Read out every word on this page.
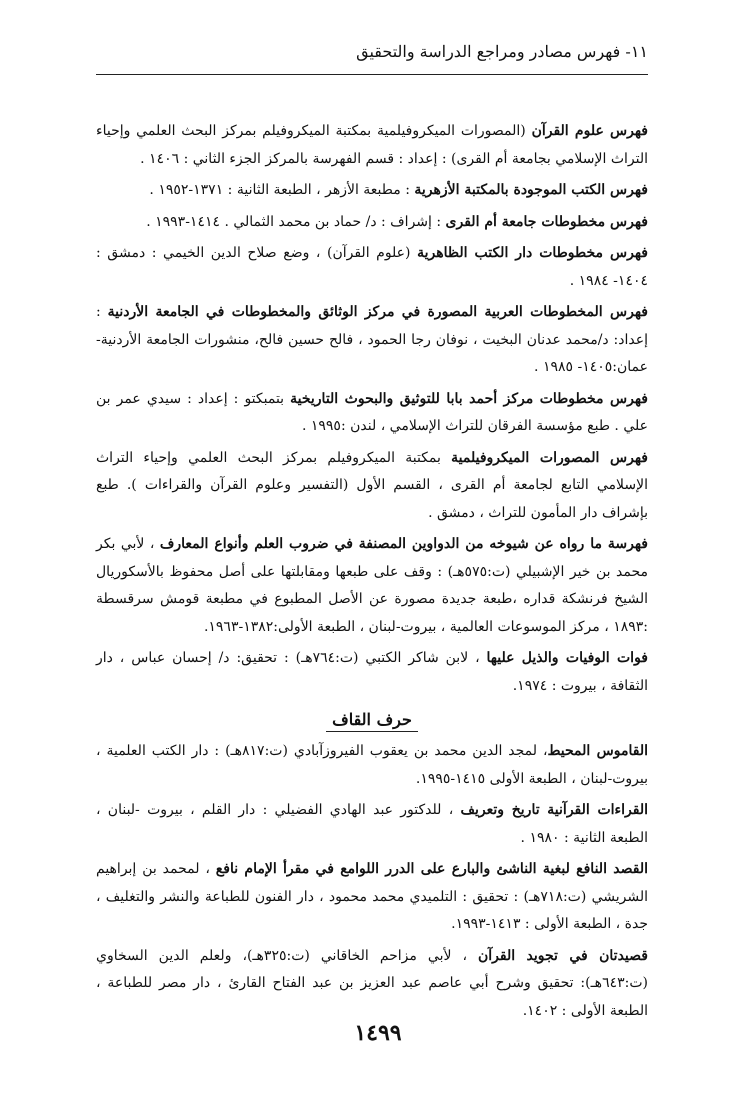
١١- فهرس مصادر ومراجع الدراسة والتحقيق

فهرس علوم القرآن (المصورات الميكروفيلمية بمكتبة الميكروفيلم بمركز البحث العلمي وإحياء التراث الإسلامي بجامعة أم القرى) : إعداد : قسم الفهرسة بالمركز الجزء الثاني : ١٤٠٦ .

فهرس الكتب الموجودة بالمكتبة الأزهرية : مطبعة الأزهر ، الطبعة الثانية : ١٣٧١-١٩٥٢ .

فهرس مخطوطات جامعة أم القرى : إشراف : د/ حماد بن محمد الثمالي . ١٤١٤-١٩٩٣ .

فهرس مخطوطات دار الكتب الظاهرية (علوم القرآن) ، وضع صلاح الدين الخيمي : دمشق : ١٤٠٤- ١٩٨٤ .

فهرس المخطوطات العربية المصورة في مركز الوثائق والمخطوطات في الجامعة الأردنية : إعداد: د/محمد عدنان البخيت ، نوفان رجا الحمود ، فالح حسين فالح، منشورات الجامعة الأردنية-عمان:١٤٠٥- ١٩٨٥ .

فهرس مخطوطات مركز أحمد بابا للتوثيق والبحوث التاريخية بتمبكتو : إعداد : سيدي عمر بن علي . طبع مؤسسة الفرقان للتراث الإسلامي ، لندن :١٩٩٥ .

فهرس المصورات الميكروفيلمية بمكتبة الميكروفيلم بمركز البحث العلمي وإحياء التراث الإسلامي التابع لجامعة أم القرى ، القسم الأول (التفسير وعلوم القرآن والقراءات ). طبع بإشراف دار المأمون للتراث ، دمشق .

فهرسة ما رواه عن شيوخه من الدواوين المصنفة في ضروب العلم وأنواع المعارف ، لأبي بكر محمد بن خير الإشبيلي (ت:٥٧٥هـ) : وقف على طبعها ومقابلتها على أصل محفوظ بالأسكوريال الشيخ فرنشكة قداره ،طبعة جديدة مصورة عن الأصل المطبوع في مطبعة قومش سرقسطة :١٨٩٣ ، مركز الموسوعات العالمية ، بيروت-لبنان ، الطبعة الأولى:١٣٨٢-١٩٦٣.

فوات الوفيات والذيل عليها ، لابن شاكر الكتبي (ت:٧٦٤هـ) : تحقيق: د/ إحسان عباس ، دار الثقافة ، بيروت : ١٩٧٤.

حرف القاف

القاموس المحيط، لمجد الدين محمد بن يعقوب الفيروزآبادي (ت:٨١٧هـ) : دار الكتب العلمية ، بيروت-لبنان ، الطبعة الأولى ١٤١٥-١٩٩٥.

القراءات القرآنية تاريخ وتعريف ، للدكتور عبد الهادي الفضيلي : دار القلم ، بيروت -لبنان ، الطبعة الثانية : ١٩٨٠ .

القصد النافع لبغية الناشئ والبارع على الدرر اللوامع في مقرأ الإمام نافع ، لمحمد بن إبراهيم الشريشي (ت:٧١٨هـ) : تحقيق : التلميدي محمد محمود ، دار الفنون للطباعة والنشر والتغليف ، جدة ، الطبعة الأولى : ١٤١٣-١٩٩٣.

قصيدتان في تجويد القرآن ، لأبي مزاحم الخاقاني (ت:٣٢٥هـ)، ولعلم الدين السخاوي (ت:٦٤٣هـ): تحقيق وشرح أبي عاصم عبد العزيز بن عبد الفتاح القارئ ، دار مصر للطباعة ، الطبعة الأولى : ١٤٠٢.

١٤٩٩
